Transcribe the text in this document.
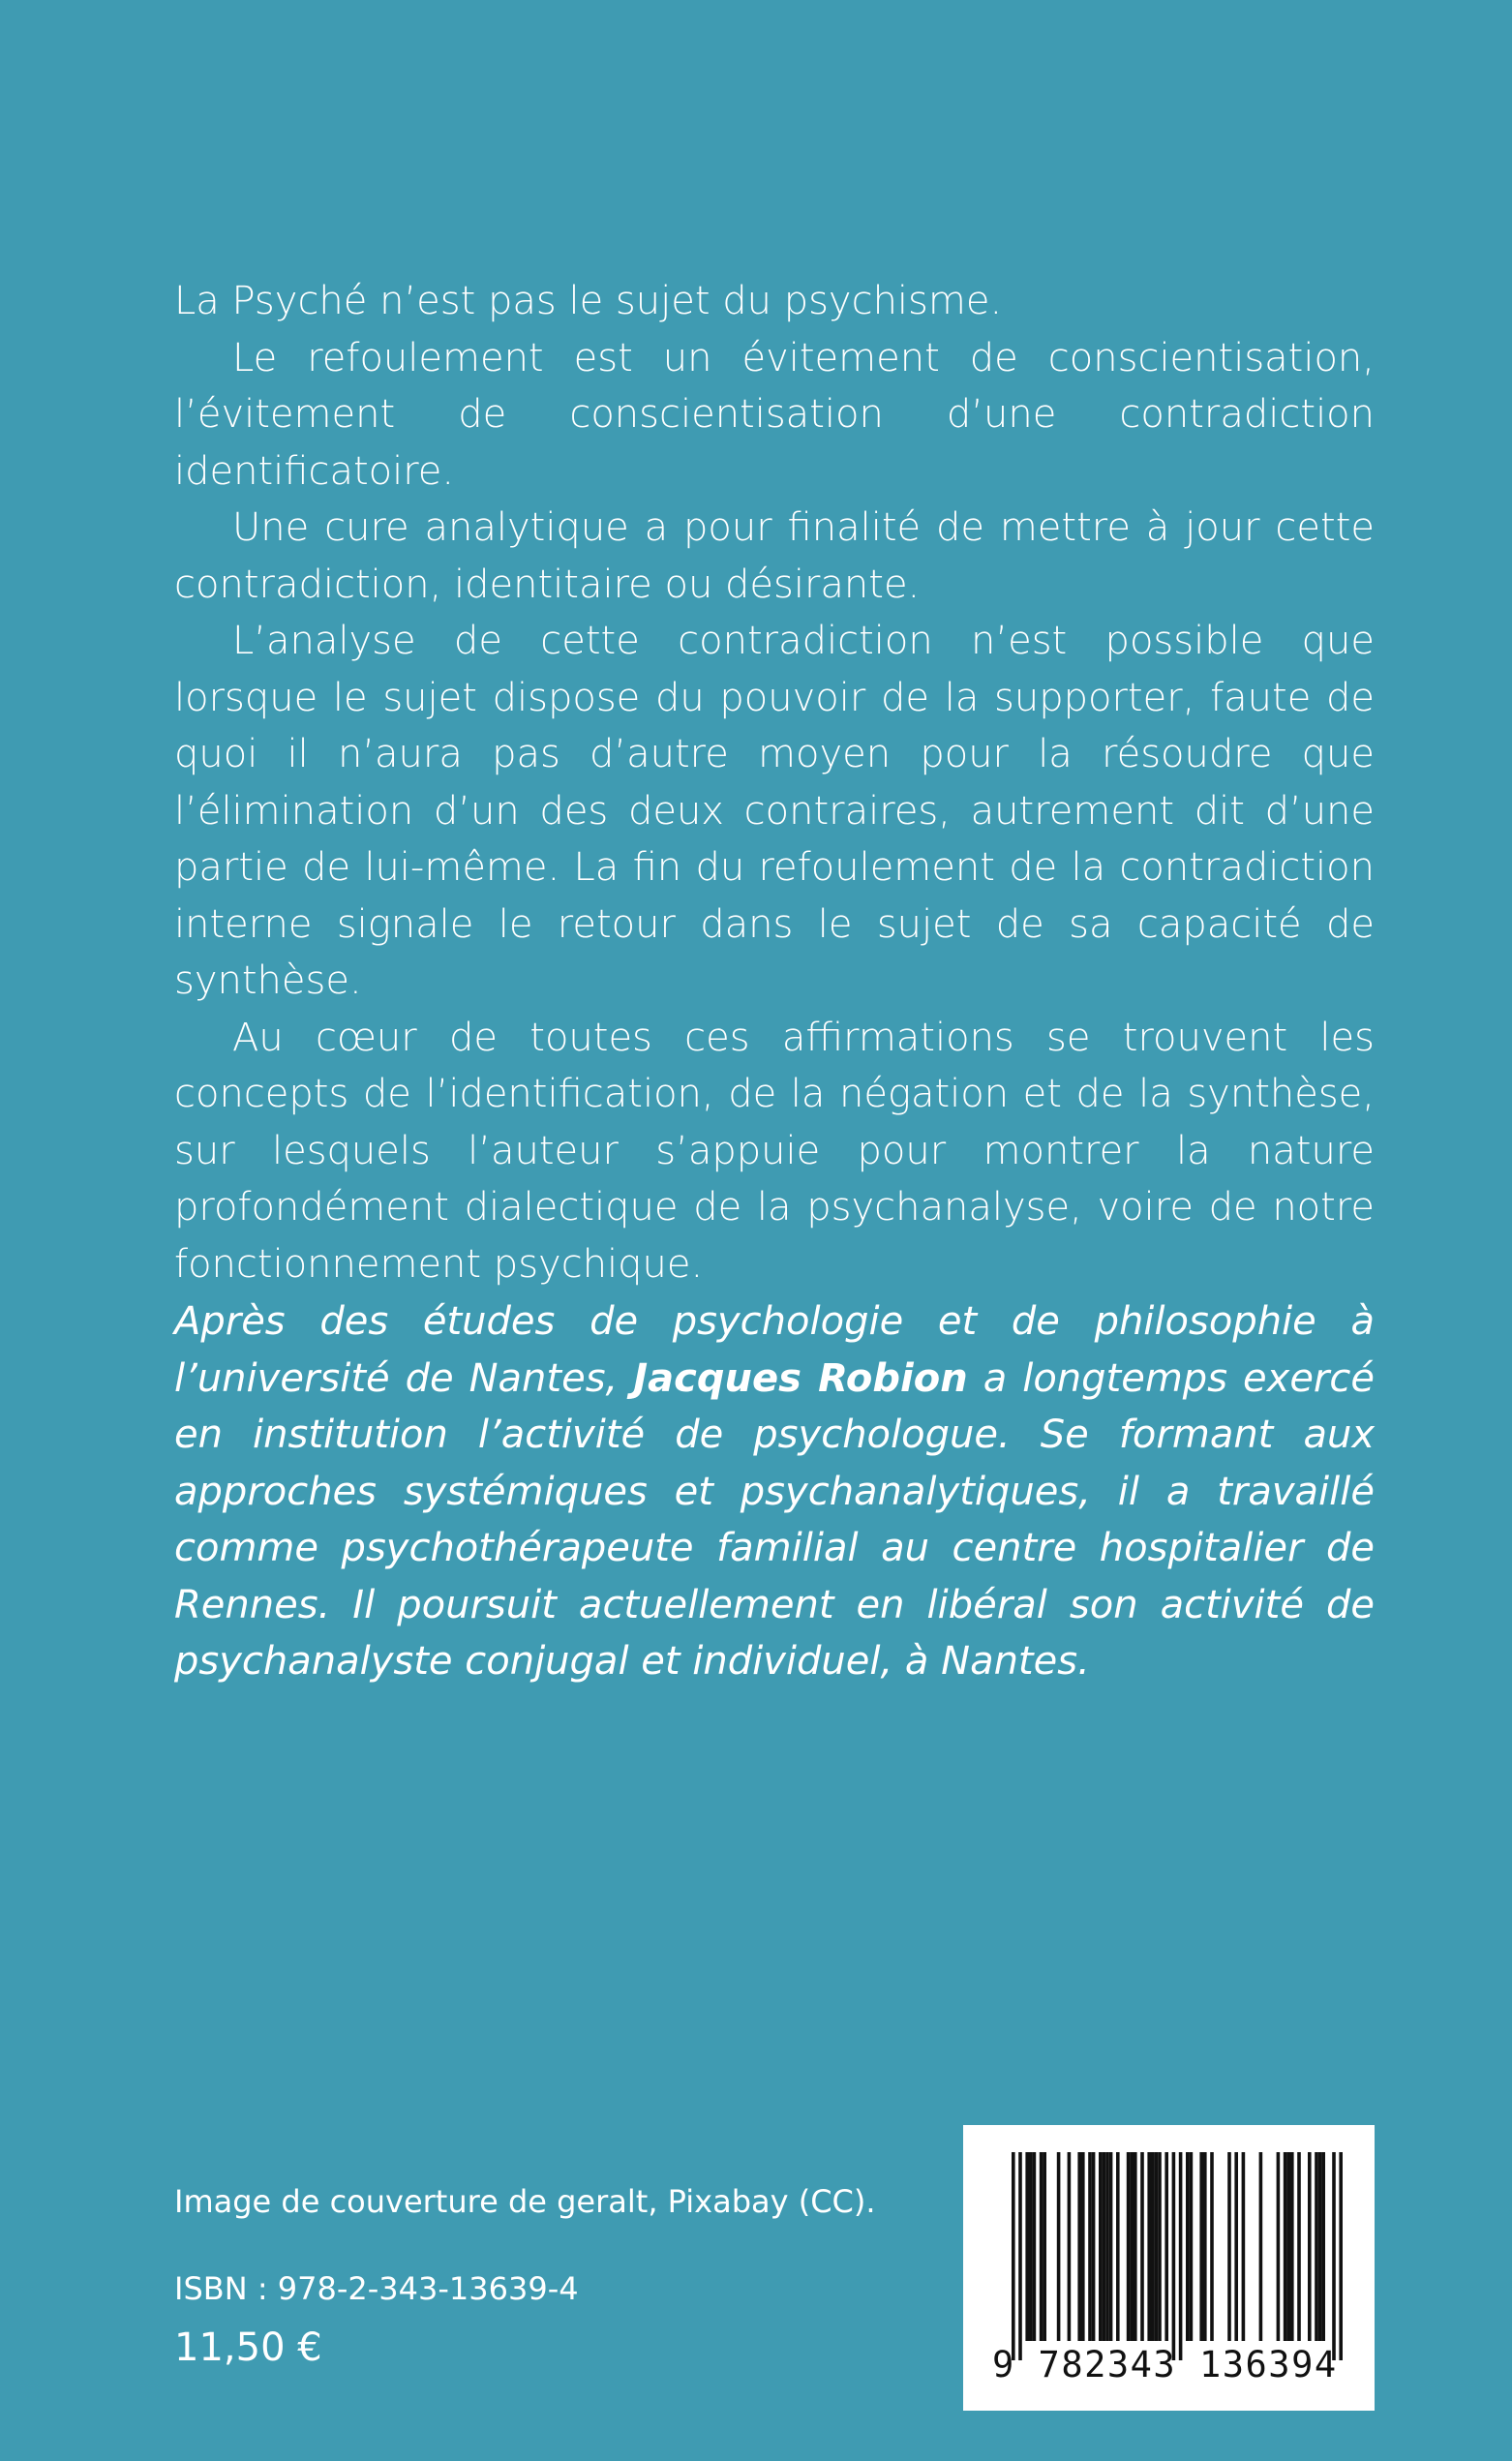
La Psyché n’est pas le sujet du psychisme.

Le refoulement est un évitement de conscientisation, l’évitement de conscientisation d’une contradiction identificatoire.

Une cure analytique a pour finalité de mettre à jour cette contradiction, identitaire ou désirante.

L’analyse de cette contradiction n’est possible que lorsque le sujet dispose du pouvoir de la supporter, faute de quoi il n’aura pas d’autre moyen pour la résoudre que l’élimination d’un des deux contraires, autrement dit d’une partie de lui-même. La fin du refoulement de la contradiction interne signale le retour dans le sujet de sa capacité de synthèse.

Au cœur de toutes ces affirmations se trouvent les concepts de l’identification, de la négation et de la synthèse, sur lesquels l’auteur s’appuie pour montrer la nature profondément dialectique de la psychanalyse, voire de notre fonctionnement psychique.

Après des études de psychologie et de philosophie à l’université de Nantes, Jacques Robion a longtemps exercé en institution l’activité de psychologue. Se formant aux approches systémiques et psychanalytiques, il a travaillé comme psychothérapeute familial au centre hospitalier de Rennes. Il poursuit actuellement en libéral son activité de psychanalyste conjugal et individuel, à Nantes.

Image de couverture de geralt, Pixabay (CC).

ISBN : 978-2-343-13639-4

11,50 €	9 782343 136394
